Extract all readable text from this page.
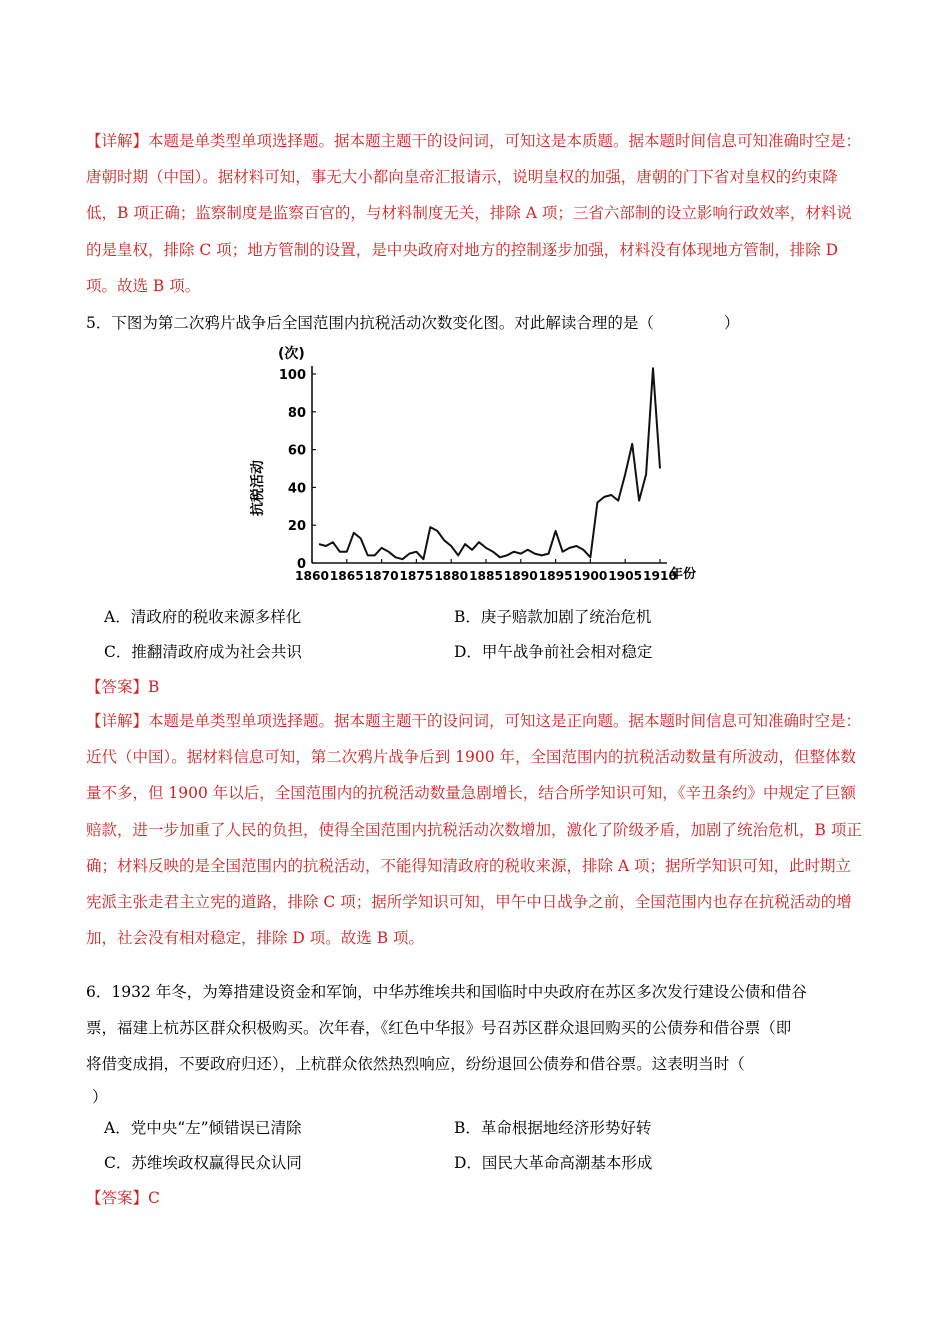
【详解】本题是单类型单项选择题。据本题主题干的设问词，可知这是本质题。据本题时间信息可知准确时空是：唐朝时期（中国）。据材料可知，事无大小都向皇帝汇报请示，说明皇权的加强，唐朝的门下省对皇权的约束降低，B 项正确；监察制度是监察百官的，与材料制度无关，排除 A 项；三省六部制的设立影响行政效率，材料说的是皇权，排除 C 项；地方管制的设置，是中央政府对地方的控制逐步加强，材料没有体现地方管制，排除 D 项。故选 B 项。

5．下图为第二次鸦片战争后全国范围内抗税活动次数变化图。对此解读合理的是（	）
0
20
40
60
80
100
1860 1865 1870 1875 1880 1885 1890 1895 1900 1905 1910
(次)
年份
抗税活动
A．清政府的税收来源多样化	B．庚子赔款加剧了统治危机
C．推翻清政府成为社会共识	D．甲午战争前社会相对稳定
【答案】B

【详解】本题是单类型单项选择题。据本题主题干的设问词，可知这是正向题。据本题时间信息可知准确时空是：近代（中国）。据材料信息可知，第二次鸦片战争后到 1900 年，全国范围内的抗税活动数量有所波动，但整体数量不多，但 1900 年以后，全国范围内的抗税活动数量急剧增长，结合所学知识可知，《辛丑条约》中规定了巨额赔款，进一步加重了人民的负担，使得全国范围内抗税活动次数增加，激化了阶级矛盾，加剧了统治危机，B 项正确；材料反映的是全国范围内的抗税活动，不能得知清政府的税收来源，排除 A 项；据所学知识可知，此时期立宪派主张走君主立宪的道路，排除 C 项；据所学知识可知，甲午中日战争之前，全国范围内也存在抗税活动的增加，社会没有相对稳定，排除 D 项。故选 B 项。

6．1932 年冬，为筹措建设资金和军饷，中华苏维埃共和国临时中央政府在苏区多次发行建设公债和借谷
票，福建上杭苏区群众积极购买。次年春，《红色中华报》号召苏区群众退回购买的公债券和借谷票（即
将借变成捐，不要政府归还），上杭群众依然热烈响应，纷纷退回公债券和借谷票。这表明当时（
）
A．党中央“左”倾错误已清除	B．革命根据地经济形势好转
C．苏维埃政权赢得民众认同	D．国民大革命高潮基本形成
【答案】C
